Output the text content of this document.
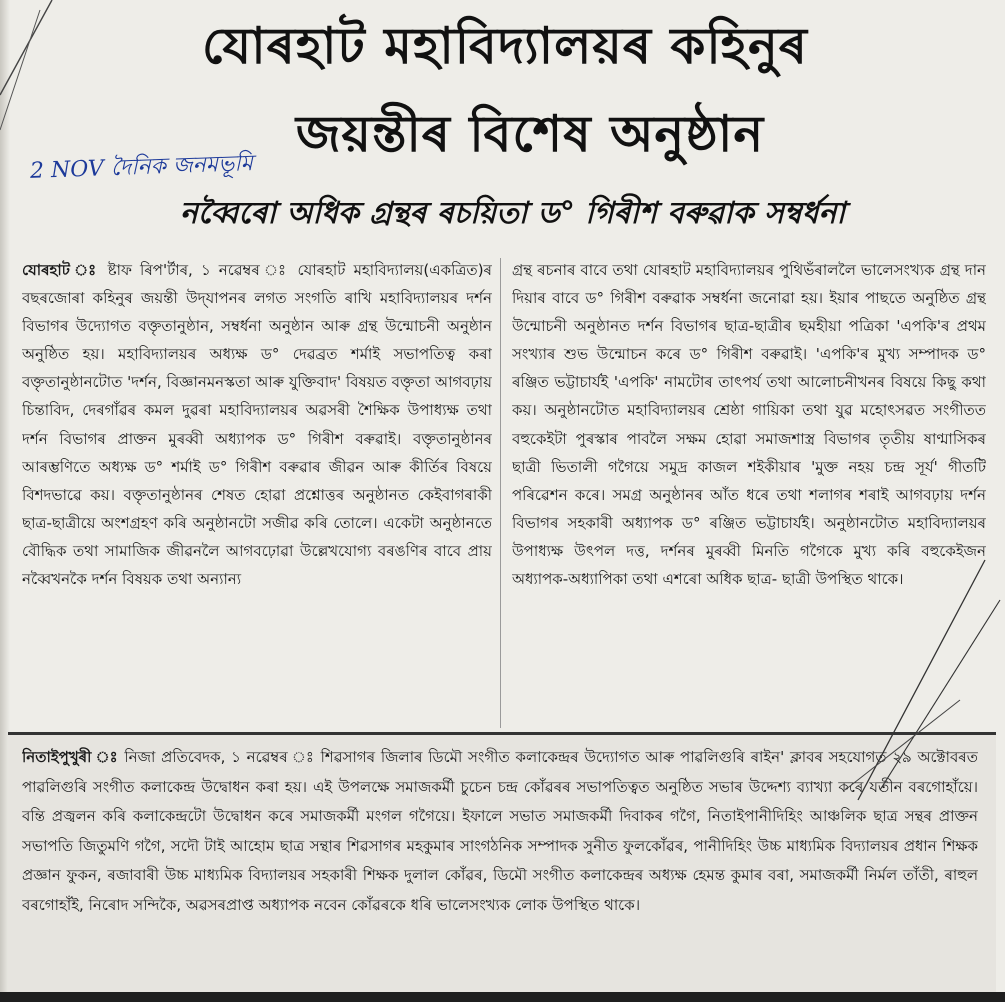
যোৰহাট মহাবিদ্যালয়ৰ কহিনুৰ
জয়ন্তীৰ বিশেষ অনুষ্ঠান
2 NOV দৈনিক জনমভূমি
নব্বৈৰো অধিক গ্ৰন্থৰ ৰচয়িতা ড° গিৰীশ বৰুৱাক সম্বৰ্ধনা
যোৰহাট ঃ ষ্টাফ ৰিপ'ৰ্টাৰ, ১ নৱেম্বৰ ঃ যোৰহাট মহাবিদ্যালয়(একত্ৰিত)ৰ বছৰজোৰা কহিনুৰ জয়ন্তী উদ্‌যাপনৰ লগত সংগতি ৰাখি মহাবিদ্যালয়ৰ দৰ্শন বিভাগৰ উদ্যোগত বক্তৃতানুষ্ঠান, সম্বৰ্ধনা অনুষ্ঠান আৰু গ্ৰন্থ উন্মোচনী অনুষ্ঠান অনুষ্ঠিত হয়। মহাবিদ্যালয়ৰ অধ্যক্ষ ড° দেৱব্ৰত শৰ্মাই সভাপতিত্ব কৰা বক্তৃতানুষ্ঠানটোত 'দৰ্শন, বিজ্ঞানমনস্কতা আৰু যুক্তিবাদ' বিষয়ত বক্তৃতা আগবঢ়ায় চিন্তাবিদ, দেৰগাঁৱৰ কমল দুৱৰা মহাবিদ্যালয়ৰ অৱসৰী শৈক্ষিক উপাধ্যক্ষ তথা দৰ্শন বিভাগৰ প্ৰাক্তন মুৰব্বী অধ্যাপক ড° গিৰীশ বৰুৱাই। বক্তৃতানুষ্ঠানৰ আৰম্ভণিতে অধ্যক্ষ ড° শৰ্মাই ড° গিৰীশ বৰুৱাৰ জীৱন আৰু কীৰ্তিৰ বিষয়ে বিশদভাৱে কয়। বক্তৃতানুষ্ঠানৰ শেষত হোৱা প্ৰশ্নোত্তৰ অনুষ্ঠানত কেইবাগৰাকী ছাত্ৰ-ছাত্ৰীয়ে অংশগ্ৰহণ কৰি অনুষ্ঠানটো সজীৱ কৰি তোলে। একেটা অনুষ্ঠানতে বৌদ্ধিক তথা সামাজিক জীৱনলৈ আগবঢ়োৱা উল্লেখযোগ্য বৰঙণিৰ বাবে প্ৰায় নব্বৈখনকৈ দৰ্শন বিষয়ক তথা অন্যান্য
গ্ৰন্থ ৰচনাৰ বাবে তথা যোৰহাট মহাবিদ্যালয়ৰ পুথিভঁৰাললৈ ভালেসংখ্যক গ্ৰন্থ দান দিয়াৰ বাবে ড° গিৰীশ বৰুৱাক সম্বৰ্ধনা জনোৱা হয়। ইয়াৰ পাছতে অনুষ্ঠিত গ্ৰন্থ উন্মোচনী অনুষ্ঠানত দৰ্শন বিভাগৰ ছাত্ৰ-ছাত্ৰীৰ ছমহীয়া পত্ৰিকা 'এপকি'ৰ প্ৰথম সংখ্যাৰ শুভ উন্মোচন কৰে ড° গিৰীশ বৰুৱাই। 'এপকি'ৰ মুখ্য সম্পাদক ড° ৰঞ্জিত ভট্টাচাৰ্যই 'এপকি' নামটোৰ তাৎপৰ্য তথা আলোচনীখনৰ বিষয়ে কিছু কথা কয়। অনুষ্ঠানটোত মহাবিদ্যালয়ৰ শ্ৰেষ্ঠা গায়িকা তথা যুৱ মহোৎসৱত সংগীতত বহুকেইটা পুৰস্কাৰ পাবলৈ সক্ষম হোৱা সমাজশাস্ত্ৰ বিভাগৰ তৃতীয় ষাণ্মাসিকৰ ছাত্ৰী ভিতালী গগৈয়ে সমুদ্ৰ কাজল শইকীয়াৰ 'মুক্ত নহয় চন্দ্ৰ সূৰ্য' গীতটি পৰিৱেশন কৰে। সমগ্ৰ অনুষ্ঠানৰ আঁত ধৰে তথা শলাগৰ শৰাই আগবঢ়ায় দৰ্শন বিভাগৰ সহকাৰী অধ্যাপক ড° ৰঞ্জিত ভট্টাচাৰ্যই। অনুষ্ঠানটোত মহাবিদ্যালয়ৰ উপাধ্যক্ষ উৎপল দত্ত, দৰ্শনৰ মুৰব্বী মিনতি গগৈকে মুখ্য কৰি বহুকেইজন অধ্যাপক-অধ্যাপিকা তথা এশৰো অধিক ছাত্ৰ- ছাত্ৰী উপস্থিত থাকে।
নিতাইপুখুৰী ঃ নিজা প্ৰতিবেদক, ১ নৱেম্বৰ ঃ শিৱসাগৰ জিলাৰ ডিমৌ সংগীত কলাকেন্দ্ৰৰ উদ্যোগত আৰু পাৱলিগুৰি ৰাইন' ক্লাবৰ সহযোগত ২৯ অক্টোবৰত পাৱলিগুৰি সংগীত কলাকেন্দ্ৰ উদ্বোধন কৰা হয়। এই উপলক্ষে সমাজকৰ্মী চুচেন চন্দ্ৰ কোঁৱৰৰ সভাপতিত্বত অনুষ্ঠিত সভাৰ উদ্দেশ্য ব্যাখ্যা কৰে যতীন বৰগোহাঁয়ে। বন্তি প্ৰজ্বলন কৰি কলাকেন্দ্ৰটো উদ্বোধন কৰে সমাজকৰ্মী মংগল গগৈয়ে। ইফালে সভাত সমাজকৰ্মী দিবাকৰ গগৈ, নিতাইপানীদিহিং আঞ্চলিক ছাত্ৰ সন্থৰ প্ৰাক্তন সভাপতি জিতুমণি গগৈ, সদৌ টাই আহোম ছাত্ৰ সন্থাৰ শিৱসাগৰ মহকুমাৰ সাংগঠনিক সম্পাদক সুনীত ফুলকোঁৱৰ, পানীদিহিং উচ্চ মাধ্যমিক বিদ্যালয়ৰ প্ৰধান শিক্ষক প্ৰজ্ঞান ফুকন, ৰজাবাৰী উচ্চ মাধ্যমিক বিদ্যালয়ৰ সহকাৰী শিক্ষক দুলাল কোঁৱৰ, ডিমৌ সংগীত কলাকেন্দ্ৰৰ অধ্যক্ষ হেমন্ত কুমাৰ বৰা, সমাজকৰ্মী নিৰ্মল তাঁতী, ৰাহুল বৰগোহাঁই, নিৰোদ সন্দিকৈ, অৱসৰপ্ৰাপ্ত অধ্যাপক নবেন কোঁৱৰকে ধৰি ভালেসংখ্যক লোক উপস্থিত থাকে।
